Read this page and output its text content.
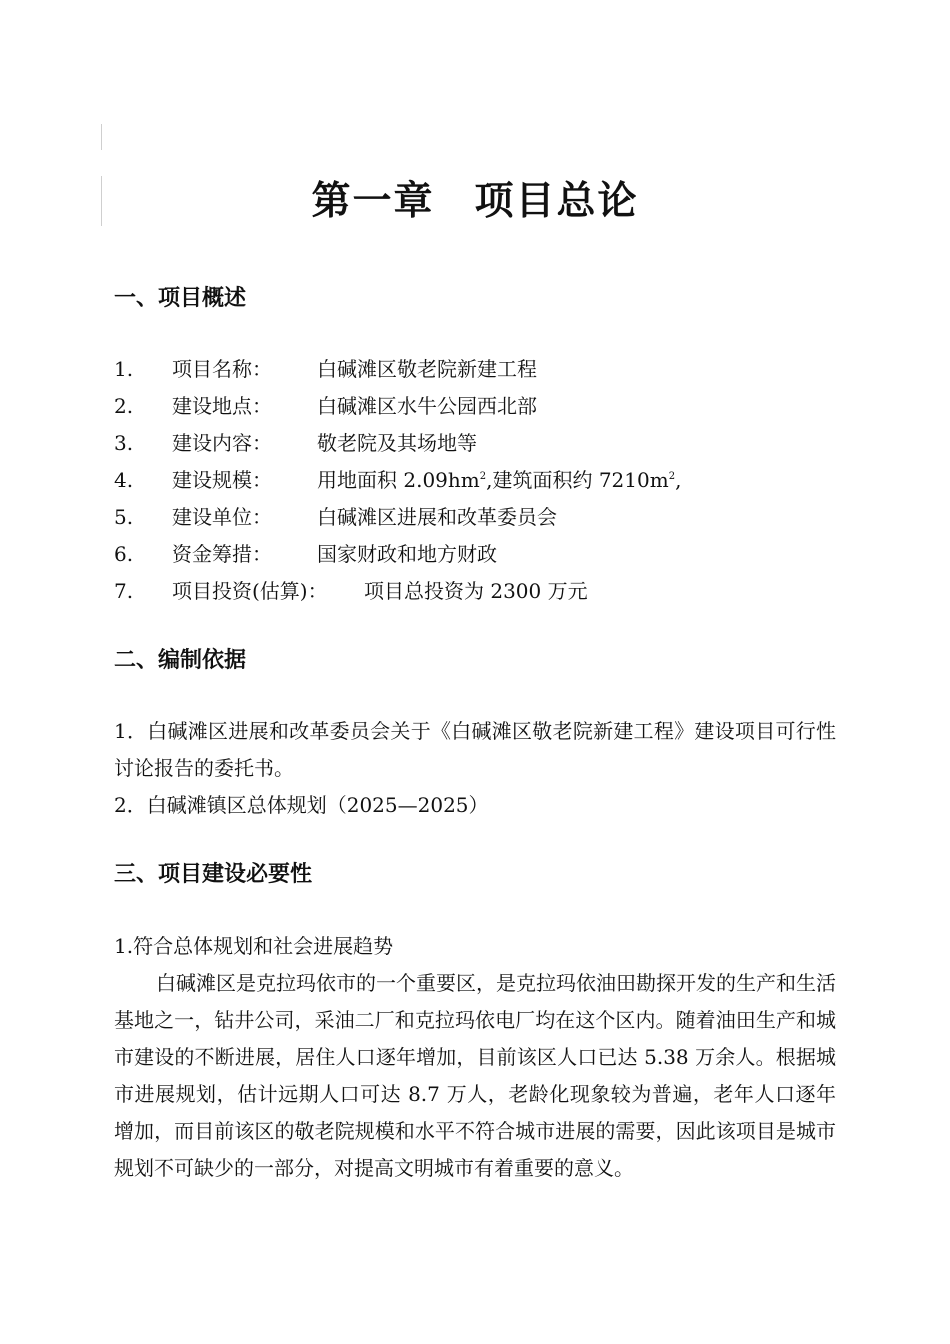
第一章 项目总论
一、项目概述
1. 项目名称： 白碱滩区敬老院新建工程
2. 建设地点： 白碱滩区水牛公园西北部
3. 建设内容： 敬老院及其场地等
4. 建设规模： 用地面积 $2.09hm^2$,建筑面积约 $7210m^2$,
5. 建设单位： 白碱滩区进展和改革委员会
6. 资金筹措： 国家财政和地方财政
7. 项目投资(估算)： 项目总投资为 2300 万元
二、编制依据

1．白碱滩区进展和改革委员会关于《白碱滩区敬老院新建工程》建设项目可行性讨论报告的委托书。

2．白碱滩镇区总体规划（2025—2025）

三、项目建设必要性

1.符合总体规划和社会进展趋势

白碱滩区是克拉玛依市的一个重要区，是克拉玛依油田勘探开发的生产和生活基地之一，钻井公司，采油二厂和克拉玛依电厂均在这个区内。随着油田生产和城市建设的不断进展，居住人口逐年增加，目前该区人口已达 5.38 万余人。根据城市进展规划，估计远期人口可达 8.7 万人，老龄化现象较为普遍，老年人口逐年增加，而目前该区的敬老院规模和水平不符合城市进展的需要，因此该项目是城市规划不可缺少的一部分，对提高文明城市有着重要的意义。
